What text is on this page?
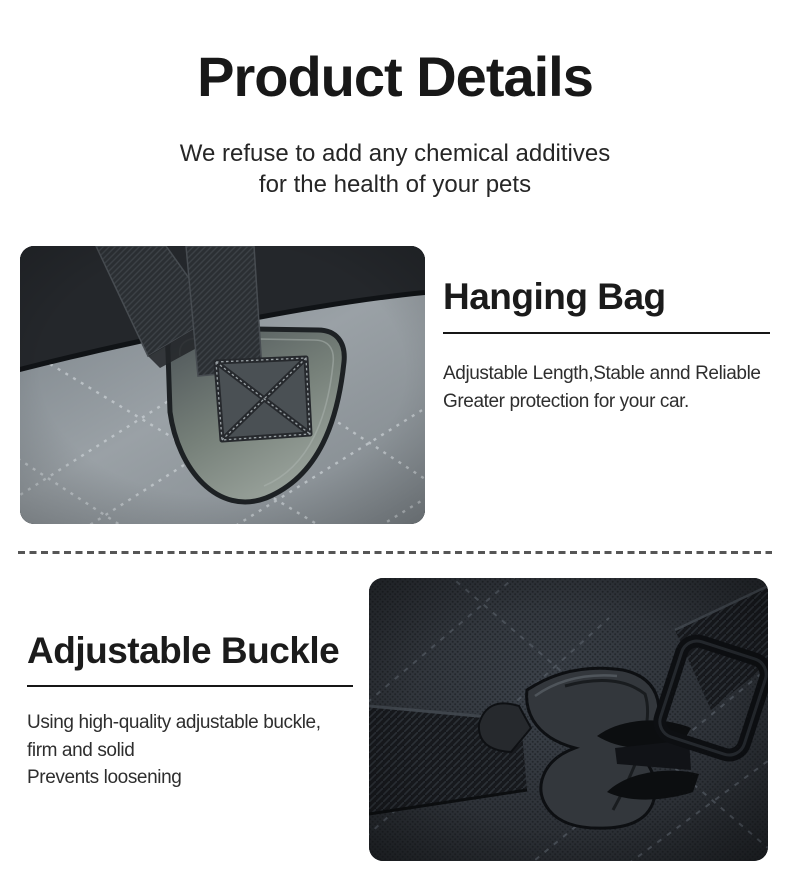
Product Details
We refuse to add any chemical additives
for the health of your pets
Hanging Bag
Adjustable Length,Stable annd Reliable
Greater protection for your car.
Adjustable Buckle
Using high-quality adjustable buckle,
firm and solid
Prevents loosening
